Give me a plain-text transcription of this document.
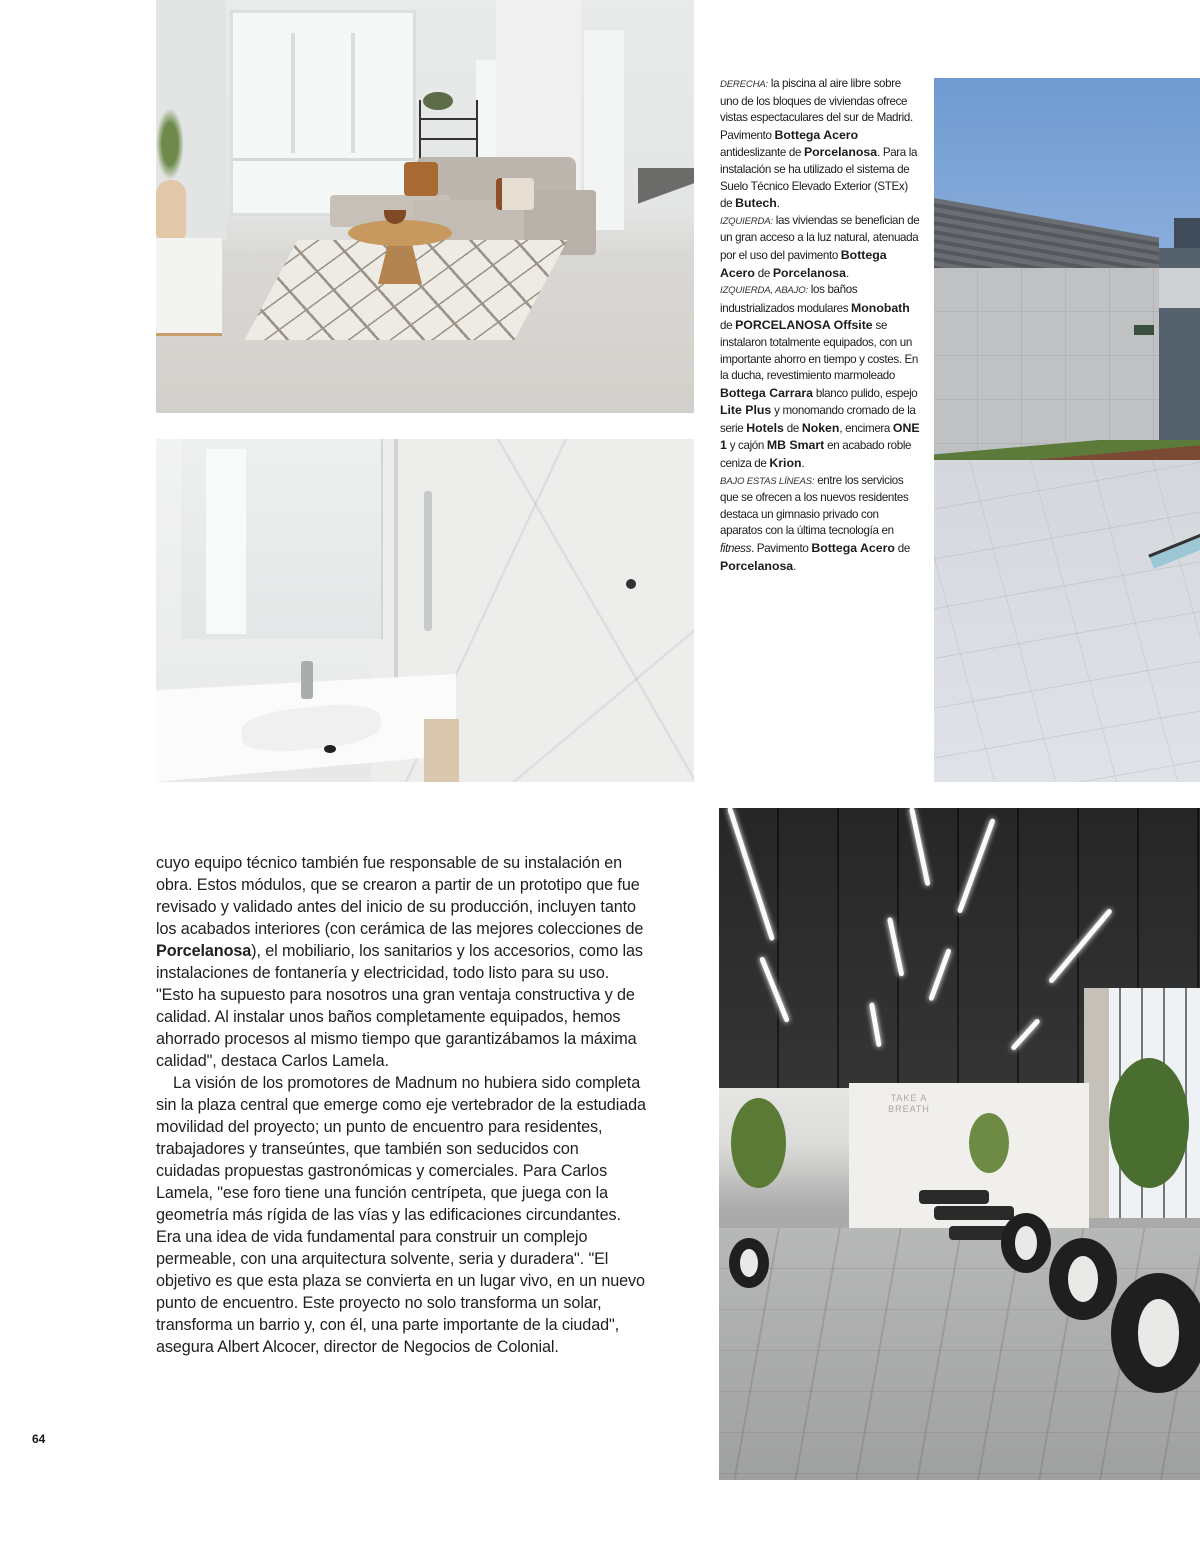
DERECHA: la piscina al aire libre sobre uno de los bloques de viviendas ofrece vistas espectaculares del sur de Madrid. Pavimento Bottega Acero antideslizante de Porcelanosa. Para la instalación se ha utilizado el sistema de Suelo Técnico Elevado Exterior (STEx) de Butech.
IZQUIERDA: las viviendas se benefician de un gran acceso a la luz natural, atenuada por el uso del pavimento Bottega Acero de Porcelanosa.
IZQUIERDA, ABAJO: los baños industrializados modulares Monobath de PORCELANOSA Offsite se instalaron totalmente equipados, con un importante ahorro en tiempo y costes. En la ducha, revestimiento marmoleado Bottega Carrara blanco pulido, espejo Lite Plus y monomando cromado de la serie Hotels de Noken, encimera ONE 1 y cajón MB Smart en acabado roble ceniza de Krion.
BAJO ESTAS LÍNEAS: entre los servicios que se ofrecen a los nuevos residentes destaca un gimnasio privado con aparatos con la última tecnología en fitness. Pavimento Bottega Acero de Porcelanosa.
TAKE A
BREATH

cuyo equipo técnico también fue responsable de su instalación en obra. Estos módulos, que se crearon a partir de un prototipo que fue revisado y validado antes del inicio de su producción, incluyen tanto los acabados interiores (con cerámica de las mejores colecciones de Porcelanosa), el mobiliario, los sanitarios y los accesorios, como las instalaciones de fontanería y electricidad, todo listo para su uso. "Esto ha supuesto para nosotros una gran ventaja constructiva y de calidad. Al instalar unos baños completamente equipados, hemos ahorrado procesos al mismo tiempo que garantizábamos la máxima calidad", destaca Carlos Lamela.

La visión de los promotores de Madnum no hubiera sido completa sin la plaza central que emerge como eje vertebrador de la estudiada movilidad del proyecto; un punto de encuentro para residentes, trabajadores y transeúntes, que también son seducidos con cuidadas propuestas gastronómicas y comerciales. Para Carlos Lamela, "ese foro tiene una función centrípeta, que juega con la geometría más rígida de las vías y las edificaciones circundantes. Era una idea de vida fundamental para construir un complejo permeable, con una arquitectura solvente, seria y duradera". "El objetivo es que esta plaza se convierta en un lugar vivo, en un nuevo punto de encuentro. Este proyecto no solo transforma un solar, transforma un barrio y, con él, una parte importante de la ciudad", asegura Albert Alcocer, director de Negocios de Colonial.

64
